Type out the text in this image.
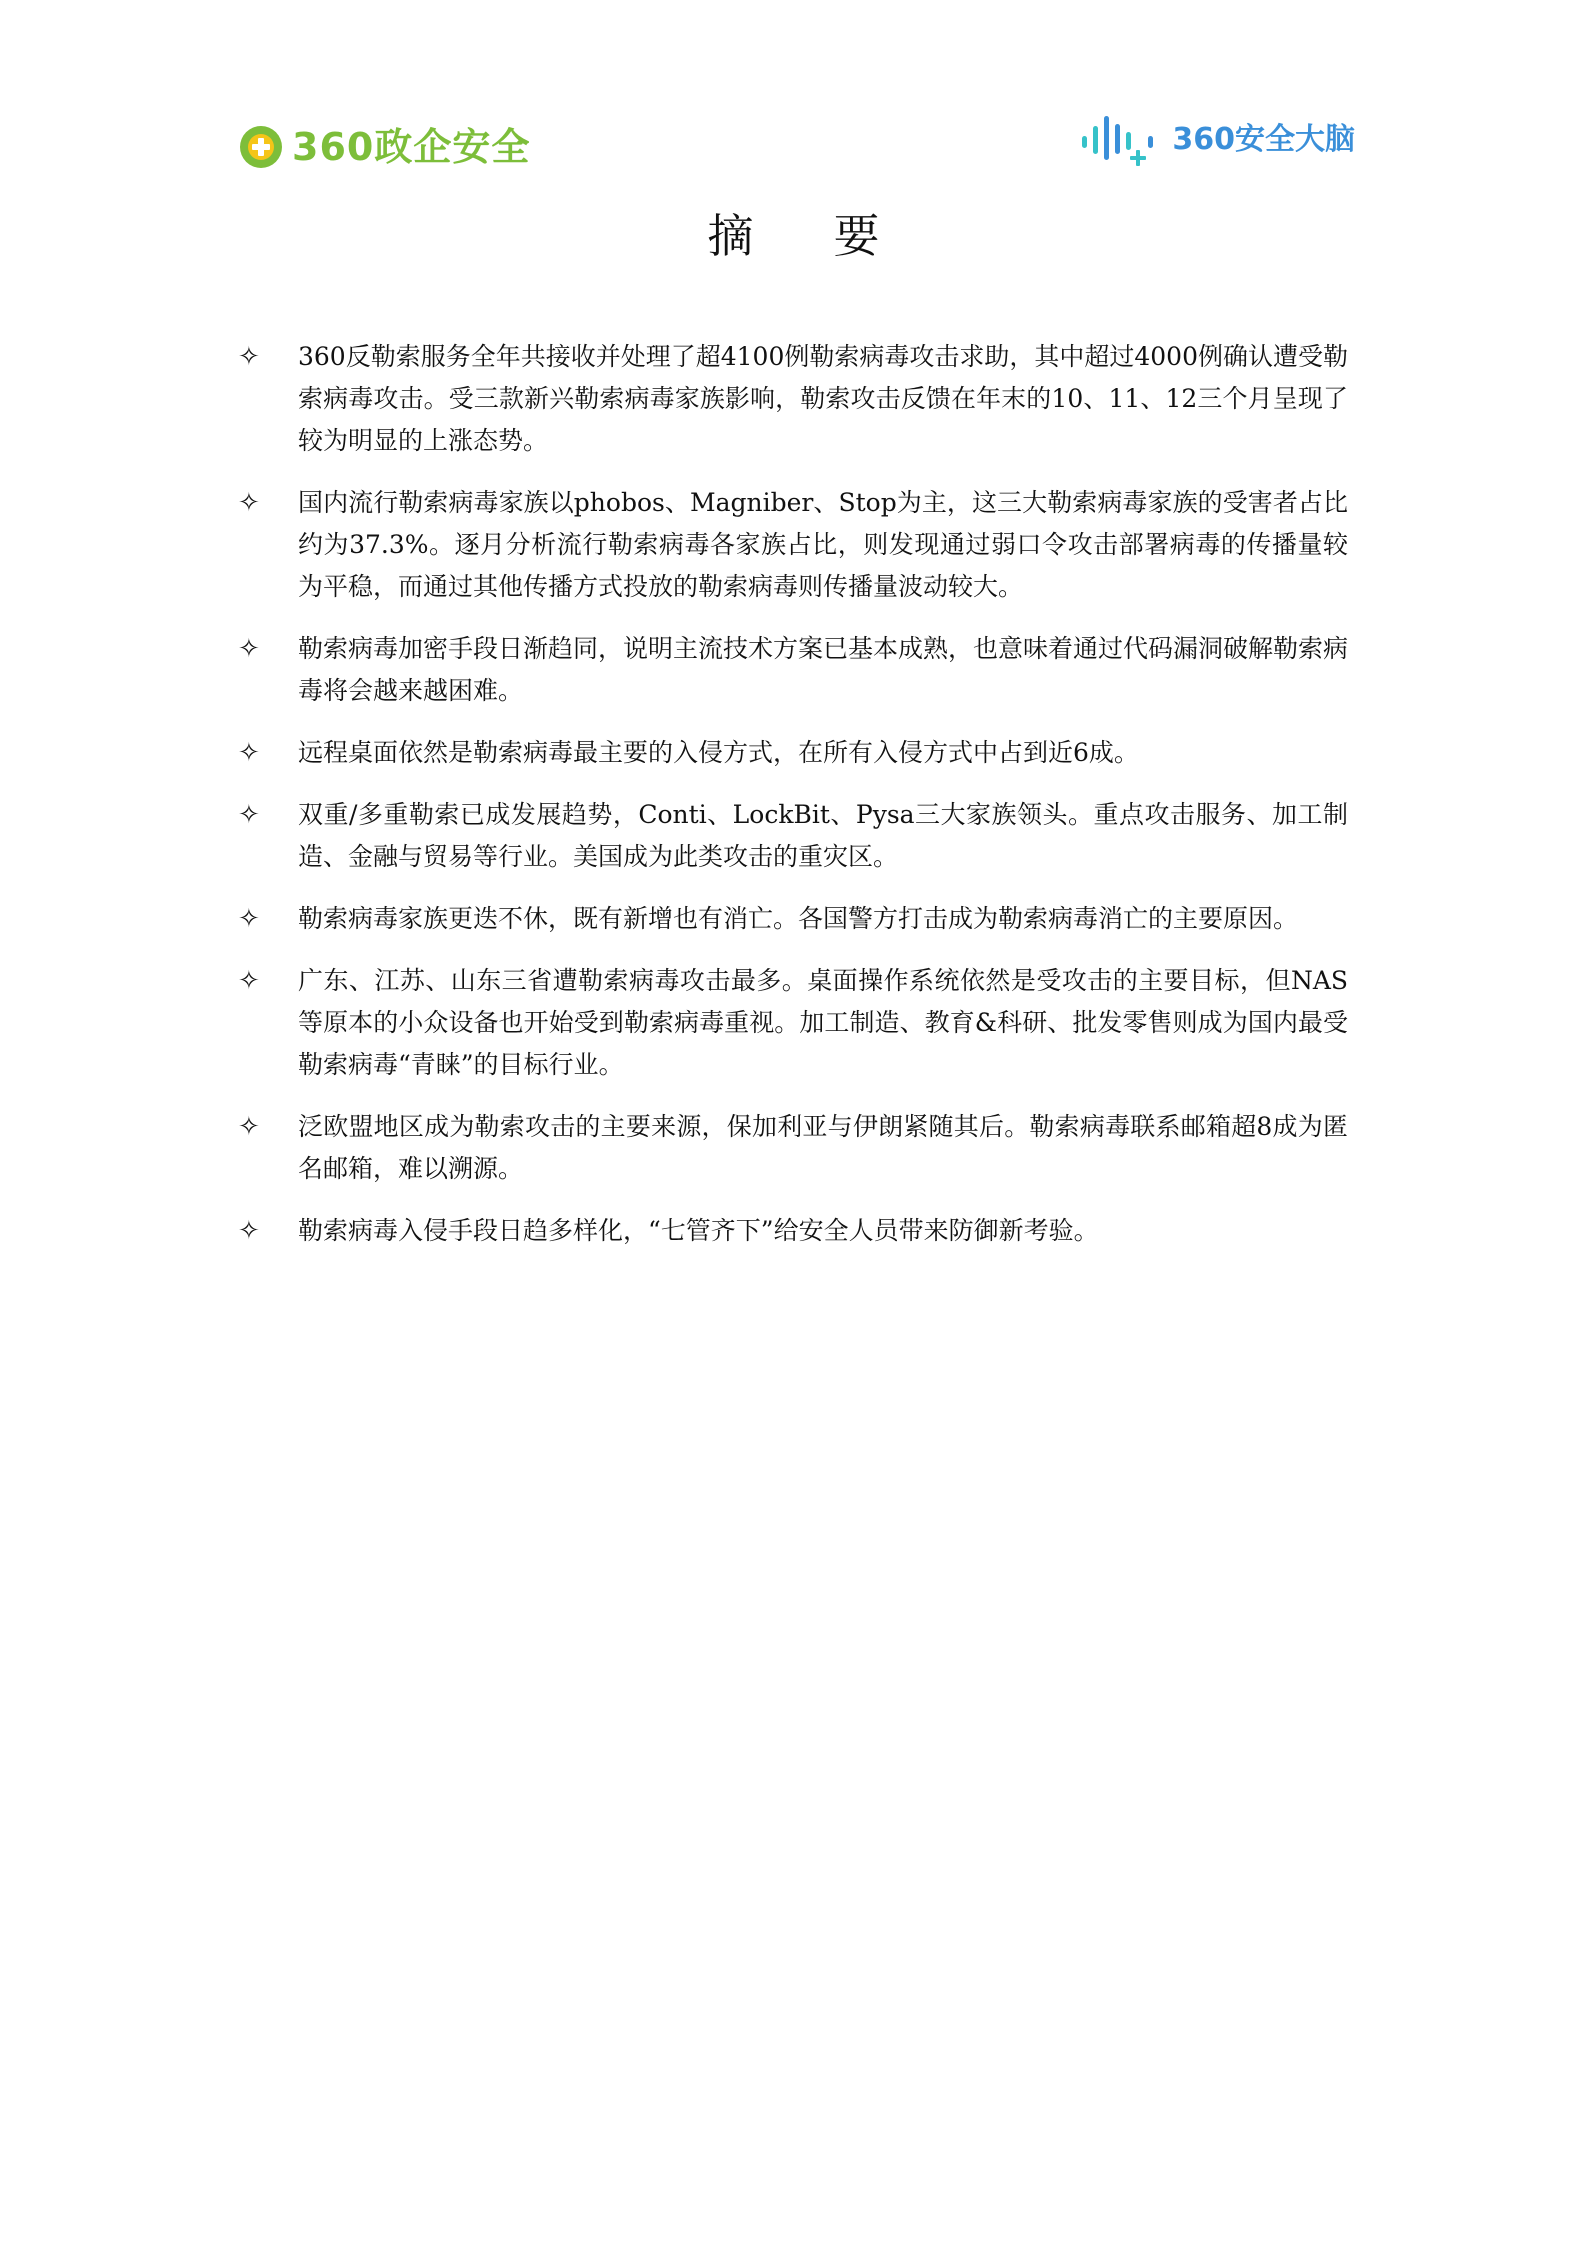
360政企安全	360安全大脑
摘要
✧	360反勒索服务全年共接收并处理了超4100例勒索病毒攻击求助，其中超过4000例确认遭受勒索病毒攻击。受三款新兴勒索病毒家族影响，勒索攻击反馈在年末的10、11、12三个月呈现了较为明显的上涨态势。
✧	国内流行勒索病毒家族以phobos、Magniber、Stop为主，这三大勒索病毒家族的受害者占比约为37.3%。逐月分析流行勒索病毒各家族占比，则发现通过弱口令攻击部署病毒的传播量较为平稳，而通过其他传播方式投放的勒索病毒则传播量波动较大。
✧	勒索病毒加密手段日渐趋同，说明主流技术方案已基本成熟，也意味着通过代码漏洞破解勒索病毒将会越来越困难。
✧	远程桌面依然是勒索病毒最主要的入侵方式，在所有入侵方式中占到近6成。
✧	双重/多重勒索已成发展趋势，Conti、LockBit、Pysa三大家族领头。重点攻击服务、加工制造、金融与贸易等行业。美国成为此类攻击的重灾区。
✧	勒索病毒家族更迭不休，既有新增也有消亡。各国警方打击成为勒索病毒消亡的主要原因。
✧	广东、江苏、山东三省遭勒索病毒攻击最多。桌面操作系统依然是受攻击的主要目标，但NAS等原本的小众设备也开始受到勒索病毒重视。加工制造、教育&科研、批发零售则成为国内最受勒索病毒“青睐”的目标行业。
✧	泛欧盟地区成为勒索攻击的主要来源，保加利亚与伊朗紧随其后。勒索病毒联系邮箱超8成为匿名邮箱，难以溯源。
✧	勒索病毒入侵手段日趋多样化，“七管齐下”给安全人员带来防御新考验。
